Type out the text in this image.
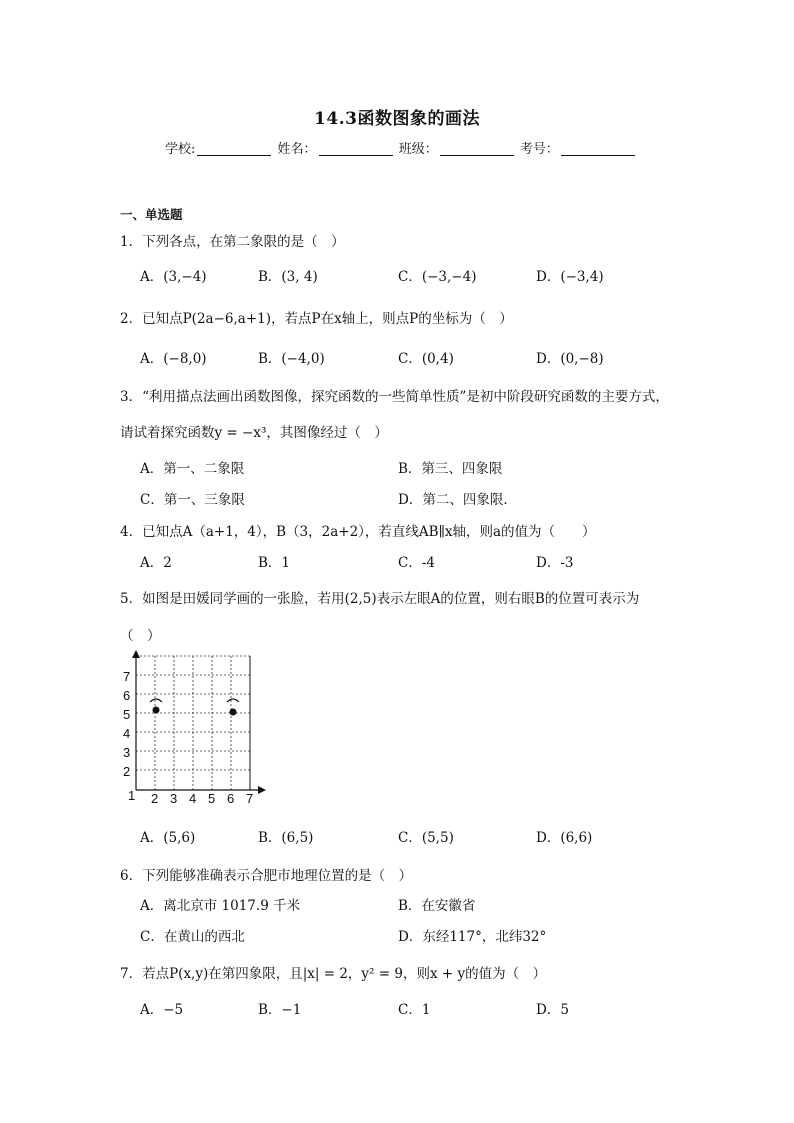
14.3函数图象的画法
学校:	姓名：	班级：	考号：
一、单选题
1．下列各点，在第二象限的是（　）
A．(3,−4)	B．(3, 4)	C．(−3,−4)	D．(−3,4)
2．已知点P(2a−6,a+1)，若点P在x轴上，则点P的坐标为（　）
A．(−8,0)	B．(−4,0)	C．(0,4)	D．(0,−8)
3．“利用描点法画出函数图像，探究函数的一些简单性质”是初中阶段研究函数的主要方式，
请试着探究函数y = −x³，其图像经过（　）
A．第一、二象限	B．第三、四象限
C．第一、三象限	D．第二、四象限.
4．已知点A（a+1，4），B（3，2a+2），若直线AB∥x轴，则a的值为（　　）
A．2	B．1	C．-4	D．-3
5．如图是田媛同学画的一张脸，若用(2,5)表示左眼A的位置，则右眼B的位置可表示为
（　）
1 2 3 4 5 6 7
2
3
4
5
6
7
A．(5,6)	B．(6,5)	C．(5,5)	D．(6,6)
6．下列能够准确表示合肥市地理位置的是（　）
A．离北京市 1017.9 千米	B．在安徽省
C．在黄山的西北	D．东经117°，北纬32°
7．若点P(x,y)在第四象限，且|x| = 2，y² = 9，则x + y的值为（　）
A．−5	B．−1	C．1	D．5
